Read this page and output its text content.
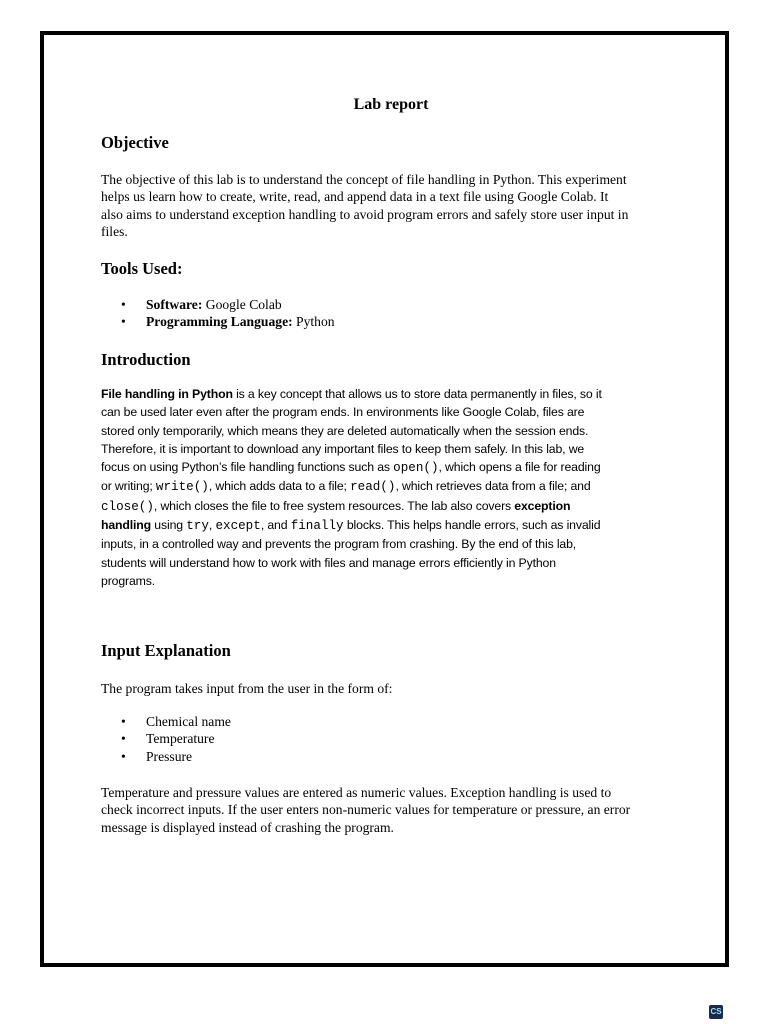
Lab report
Objective

The objective of this lab is to understand the concept of file handling in Python. This experiment
helps us learn how to create, write, read, and append data in a text file using Google Colab. It
also aims to understand exception handling to avoid program errors and safely store user input in
files.

Tools Used:
• Software: Google Colab
• Programming Language: Python
Introduction

File handling in Python is a key concept that allows us to store data permanently in files, so it
can be used later even after the program ends. In environments like Google Colab, files are
stored only temporarily, which means they are deleted automatically when the session ends.
Therefore, it is important to download any important files to keep them safely. In this lab, we
focus on using Python’s file handling functions such as open(), which opens a file for reading
or writing; write(), which adds data to a file; read(), which retrieves data from a file; and
close(), which closes the file to free system resources. The lab also covers exception
handling using try, except, and finally blocks. This helps handle errors, such as invalid
inputs, in a controlled way and prevents the program from crashing. By the end of this lab,
students will understand how to work with files and manage errors efficiently in Python
programs.

Input Explanation

The program takes input from the user in the form of:

• Chemical name
• Temperature
• Pressure

Temperature and pressure values are entered as numeric values. Exception handling is used to
check incorrect inputs. If the user enters non-numeric values for temperature or pressure, an error
message is displayed instead of crashing the program.

CS
